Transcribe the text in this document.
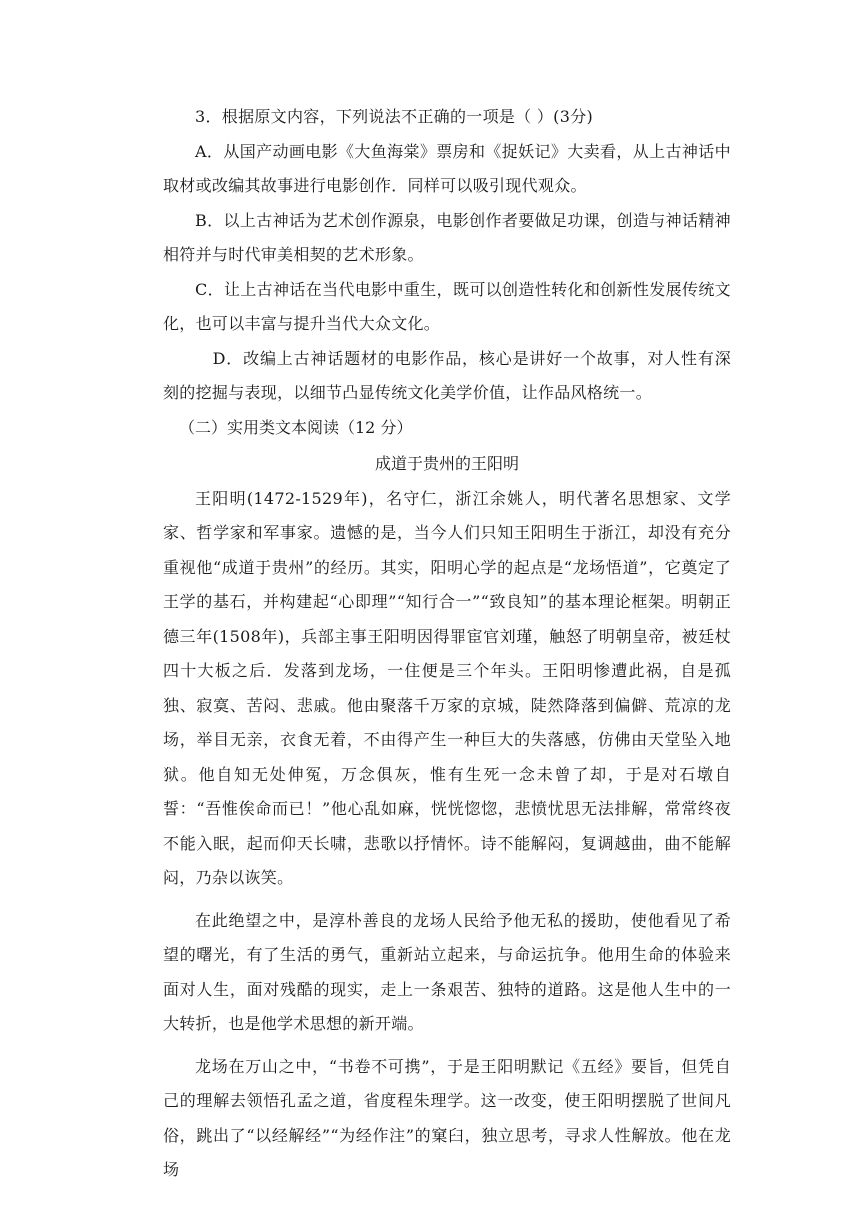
3．根据原文内容，下列说法不正确的一项是（ ）(3分)

A．从国产动画电影《大鱼海棠》票房和《捉妖记》大卖看，从上古神话中取材或改编其故事进行电影创作．同样可以吸引现代观众。

B．以上古神话为艺术创作源泉，电影创作者要做足功课，创造与神话精神相符并与时代审美相契的艺术形象。

C．让上古神话在当代电影中重生，既可以创造性转化和创新性发展传统文化，也可以丰富与提升当代大众文化。

D．改编上古神话题材的电影作品，核心是讲好一个故事，对人性有深刻的挖掘与表现，以细节凸显传统文化美学价值，让作品风格统一。

（二）实用类文本阅读（12 分）

成道于贵州的王阳明

王阳明(1472-1529年)，名守仁，浙江余姚人，明代著名思想家、文学家、哲学家和军事家。遗憾的是，当今人们只知王阳明生于浙江，却没有充分重视他“成道于贵州”的经历。其实，阳明心学的起点是“龙场悟道”，它奠定了王学的基石，并构建起“心即理”“知行合一”“致良知”的基本理论框架。明朝正德三年(1508年)，兵部主事王阳明因得罪宦官刘瑾，触怒了明朝皇帝，被廷杖四十大板之后．发落到龙场，一住便是三个年头。王阳明惨遭此祸，自是孤独、寂寞、苦闷、悲戚。他由聚落千万家的京城，陡然降落到偏僻、荒凉的龙场，举目无亲，衣食无着，不由得产生一种巨大的失落感，仿佛由天堂坠入地狱。他自知无处伸冤，万念俱灰，惟有生死一念未曾了却，于是对石墩自誓：“吾惟俟命而已！”他心乱如麻，恍恍惚惚，悲愤忧思无法排解，常常终夜不能入眠，起而仰天长啸，悲歌以抒情怀。诗不能解闷，复调越曲，曲不能解闷，乃杂以诙笑。

在此绝望之中，是淳朴善良的龙场人民给予他无私的援助，使他看见了希望的曙光，有了生活的勇气，重新站立起来，与命运抗争。他用生命的体验来面对人生，面对残酷的现实，走上一条艰苦、独特的道路。这是他人生中的一大转折，也是他学术思想的新开端。

龙场在万山之中，“书卷不可携”，于是王阳明默记《五经》要旨，但凭自己的理解去领悟孔孟之道，省度程朱理学。这一改变，使王阳明摆脱了世间凡俗，跳出了“以经解经”“为经作注”的窠臼，独立思考，寻求人性解放。他在龙场
